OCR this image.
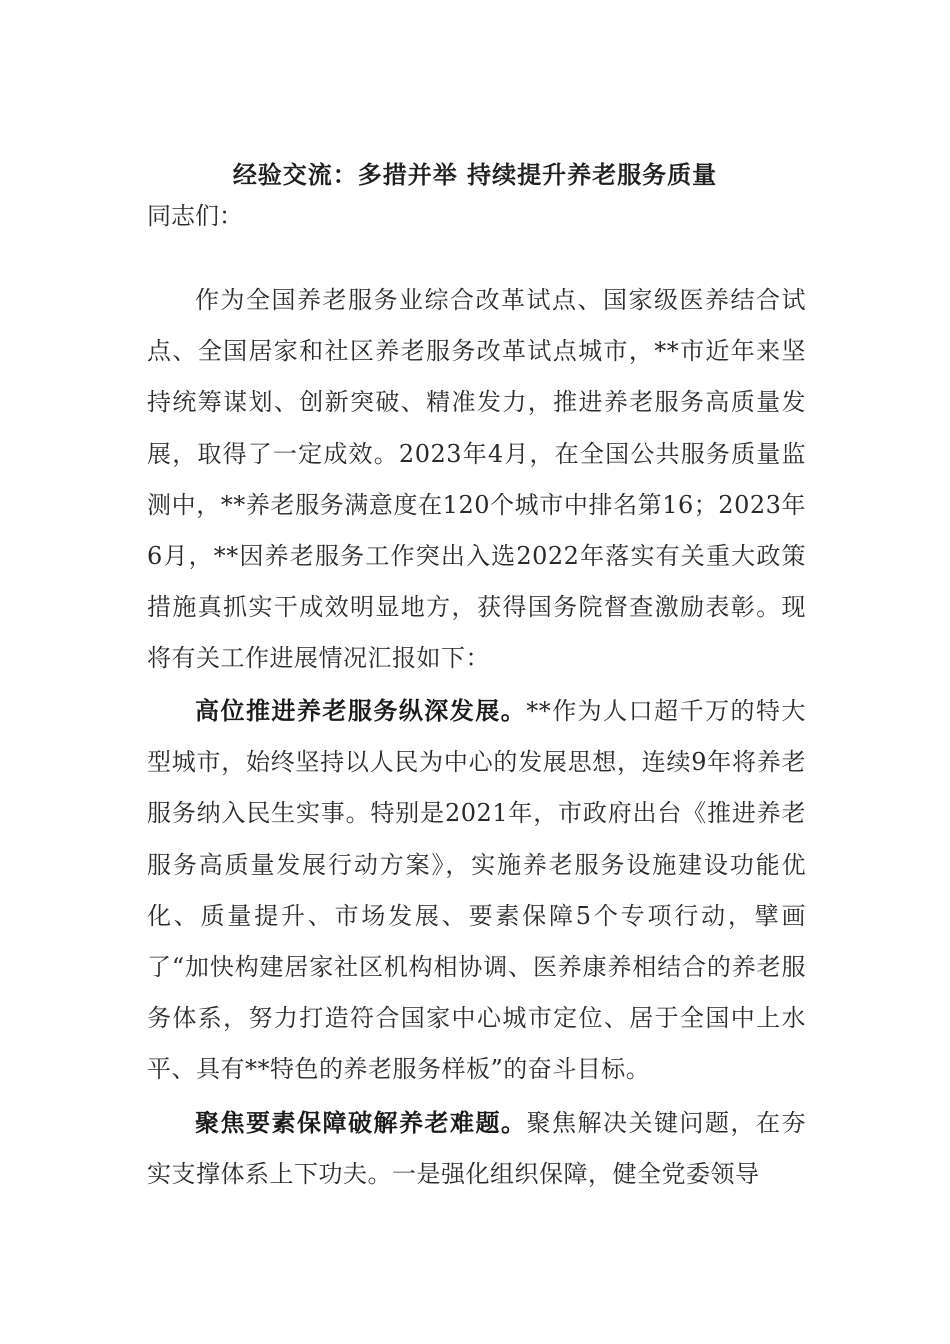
经验交流：多措并举 持续提升养老服务质量
同志们：

作为全国养老服务业综合改革试点、国家级医养结合试点、全国居家和社区养老服务改革试点城市，**市近年来坚持统筹谋划、创新突破、精准发力，推进养老服务高质量发展，取得了一定成效。2023年4月，在全国公共服务质量监测中，**养老服务满意度在120个城市中排名第16；2023年6月，**因养老服务工作突出入选2022年落实有关重大政策措施真抓实干成效明显地方，获得国务院督查激励表彰。现将有关工作进展情况汇报如下：

高位推进养老服务纵深发展。**作为人口超千万的特大型城市，始终坚持以人民为中心的发展思想，连续9年将养老服务纳入民生实事。特别是2021年，市政府出台《推进养老服务高质量发展行动方案》，实施养老服务设施建设功能优化、质量提升、市场发展、要素保障5个专项行动，擘画了“加快构建居家社区机构相协调、医养康养相结合的养老服务体系，努力打造符合国家中心城市定位、居于全国中上水平、具有**特色的养老服务样板”的奋斗目标。

聚焦要素保障破解养老难题。聚焦解决关键问题，在夯实支撑体系上下功夫。一是强化组织保障，健全党委领导
